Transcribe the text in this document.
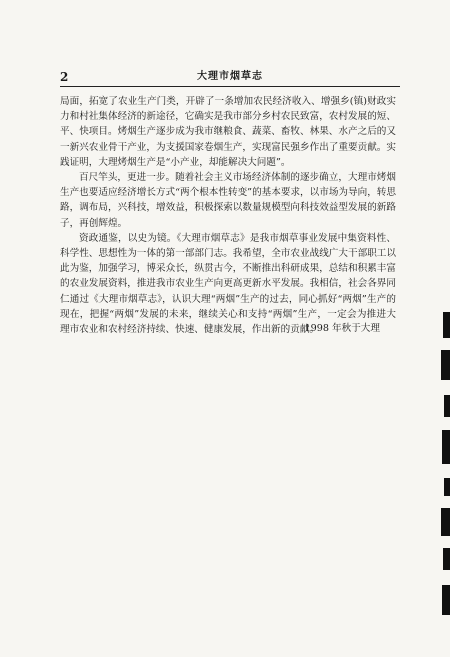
2	大理市烟草志

局面，拓宽了农业生产门类，开辟了一条增加农民经济收入、增强乡(镇)财政实力和村社集体经济的新途径，它确实是我市部分乡村农民致富，农村发展的短、平、快项目。烤烟生产逐步成为我市继粮食、蔬菜、畜牧、林果、水产之后的又一新兴农业骨干产业，为支援国家卷烟生产，实现富民强乡作出了重要贡献。实践证明，大理烤烟生产是“小产业，却能解决大问题”。

百尺竿头，更进一步。随着社会主义市场经济体制的逐步确立，大理市烤烟生产也要适应经济增长方式“两个根本性转变”的基本要求，以市场为导向，转思路，调布局，兴科技，增效益，积极探索以数量规模型向科技效益型发展的新路子，再创辉煌。

资政通鉴，以史为镜。《大理市烟草志》是我市烟草事业发展中集资料性、科学性、思想性为一体的第一部部门志。我希望，全市农业战线广大干部职工以此为鉴，加强学习，博采众长，纵贯古今，不断推出科研成果，总结和积累丰富的农业发展资料，推进我市农业生产向更高更新水平发展。我相信，社会各界同仁通过《大理市烟草志》，认识大理“两烟”生产的过去，同心抓好“两烟”生产的现在，把握“两烟”发展的未来，继续关心和支持“两烟”生产，一定会为推进大理市农业和农村经济持续、快速、健康发展，作出新的贡献。

1998 年秋于大理
